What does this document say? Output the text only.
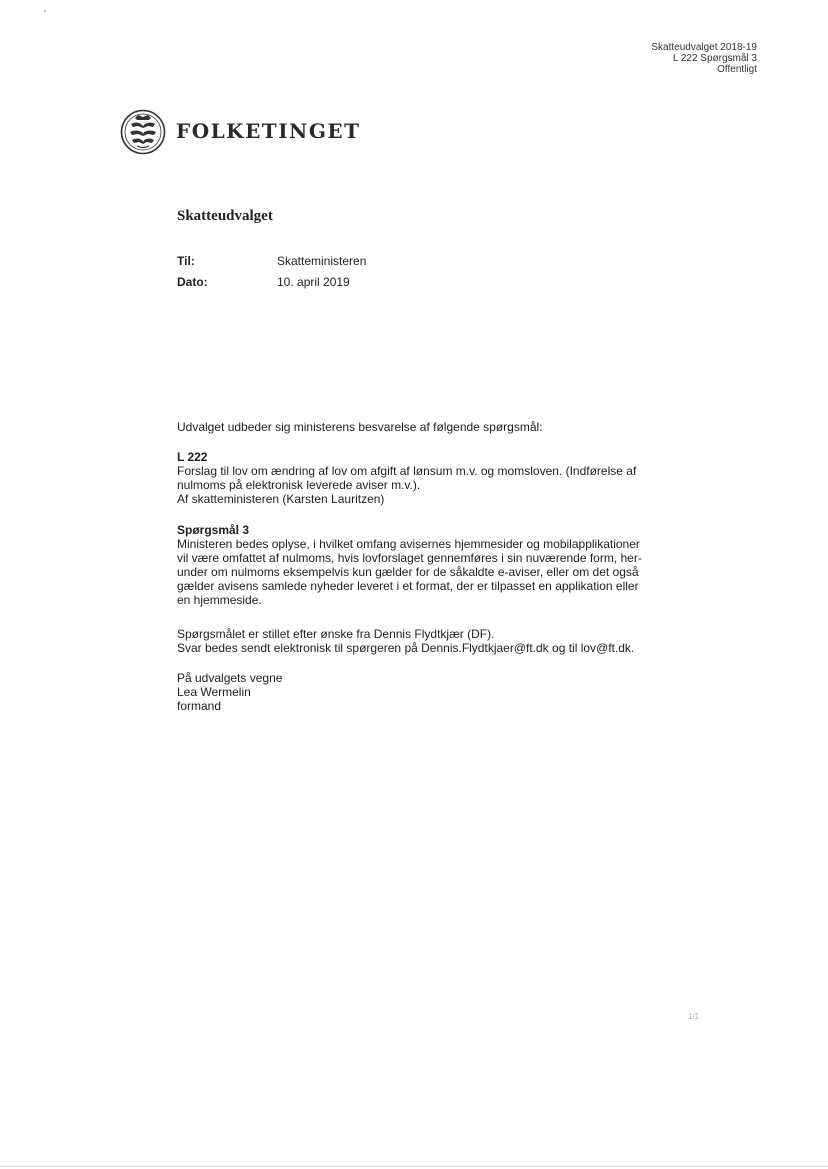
Skatteudvalget 2018-19
L 222 Spørgsmål 3
Offentligt
FOLKETINGET
Skatteudvalget
Til:	Skatteministeren
Dato:	10. april 2019
Udvalget udbeder sig ministerens besvarelse af følgende spørgsmål:
L 222
Forslag til lov om ændring af lov om afgift af lønsum m.v. og momsloven. (Indførelse af
nulmoms på elektronisk leverede aviser m.v.).
Af skatteministeren (Karsten Lauritzen)
Spørgsmål 3
Ministeren bedes oplyse, i hvilket omfang avisernes hjemmesider og mobilapplikationer
vil være omfattet af nulmoms, hvis lovforslaget gennemføres i sin nuværende form, her-
under om nulmoms eksempelvis kun gælder for de såkaldte e-aviser, eller om det også
gælder avisens samlede nyheder leveret i et format, der er tilpasset en applikation eller
en hjemmeside.
Spørgsmålet er stillet efter ønske fra Dennis Flydtkjær (DF).
Svar bedes sendt elektronisk til spørgeren på Dennis.Flydtkjaer@ft.dk og til lov@ft.dk.
På udvalgets vegne
Lea Wermelin
formand
1/1
